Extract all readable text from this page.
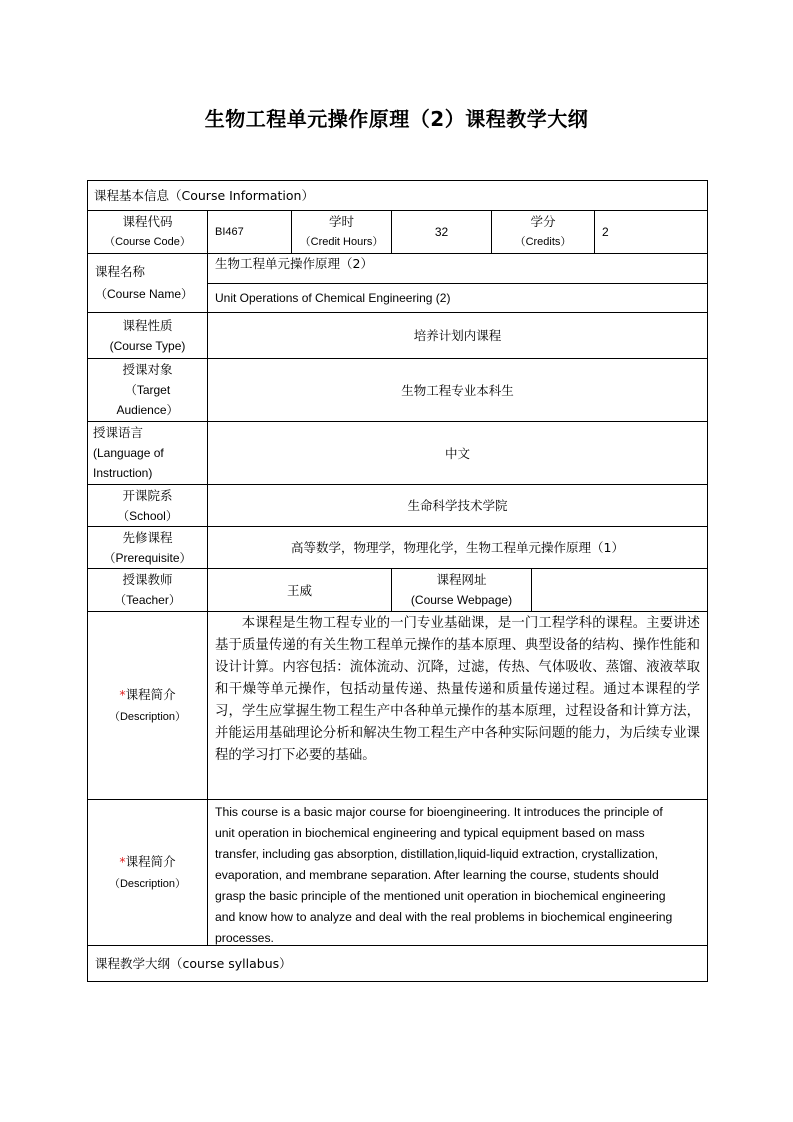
生物工程单元操作原理（2）课程教学大纲
课程基本信息（Course Information）
课程代码
（Course Code）
BI467
学时
（Credit Hours）
32
学分
（Credits）
2
课程名称
（Course Name）
生物工程单元操作原理（2）
Unit Operations of Chemical Engineering (2)
课程性质
(Course Type)
培养计划内课程
授课对象
（Target
Audience）
生物工程专业本科生
授课语言
(Language of
Instruction)
中文
开课院系
（School）
生命科学技术学院
先修课程
（Prerequisite）
高等数学，物理学，物理化学，生物工程单元操作原理（1）
授课教师
（Teacher）
王威
课程网址
(Course Webpage)
*课程简介
（Description）
本课程是生物工程专业的一门专业基础课，是一门工程学科的课程。主要讲述基于质量传递的有关生物工程单元操作的基本原理、典型设备的结构、操作性能和设计计算。内容包括：流体流动、沉降，过滤，传热、气体吸收、蒸馏、液液萃取和干燥等单元操作，包括动量传递、热量传递和质量传递过程。通过本课程的学习，学生应掌握生物工程生产中各种单元操作的基本原理，过程设备和计算方法，并能运用基础理论分析和解决生物工程生产中各种实际问题的能力，为后续专业课程的学习打下必要的基础。
*课程简介
（Description）
This course is a basic major course for bioengineering. It introduces the principle of
unit operation in biochemical engineering and typical equipment based on mass
transfer, including gas absorption, distillation,liquid-liquid extraction, crystallization,
evaporation, and membrane separation. After learning the course, students should
grasp the basic principle of the mentioned unit operation in biochemical engineering
and know how to analyze and deal with the real problems in biochemical engineering
processes.
课程教学大纲（course syllabus）
